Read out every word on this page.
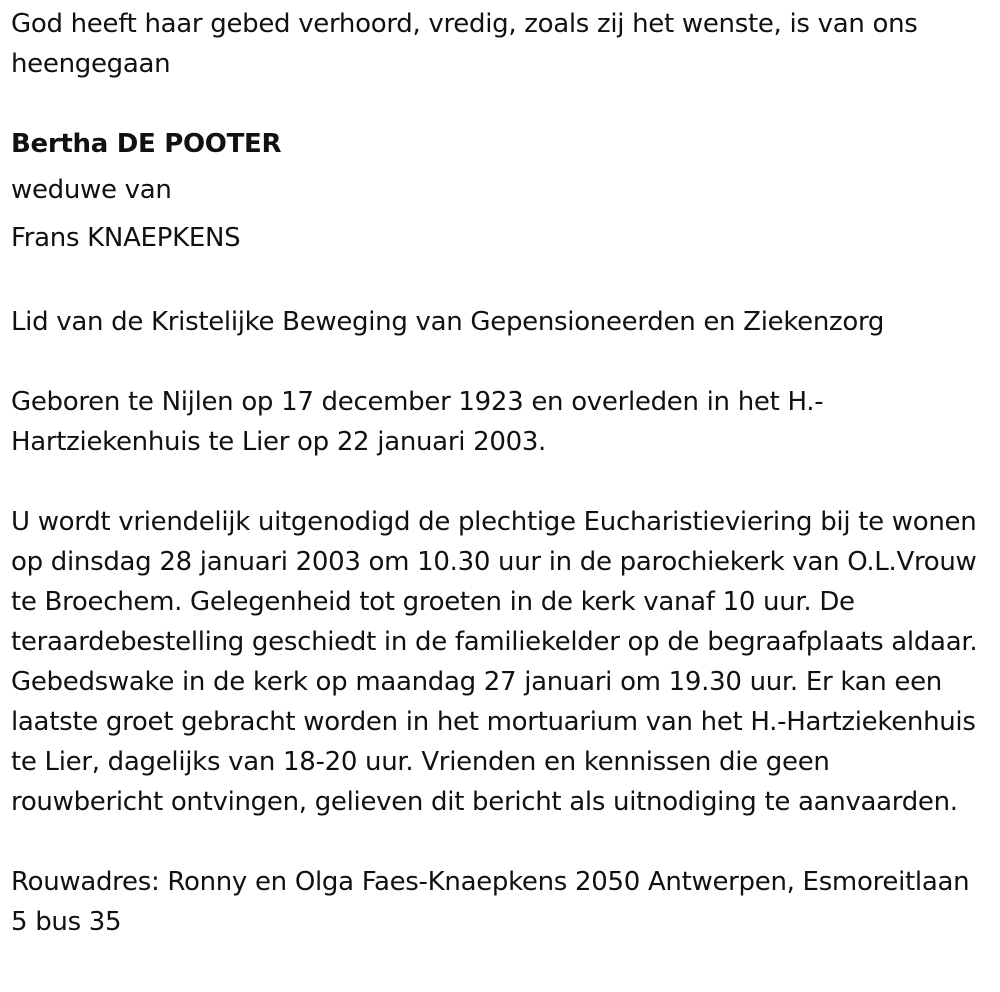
God heeft haar gebed verhoord, vredig, zoals zij het wenste, is van ons heengegaan

Bertha DE POOTER

weduwe van

Frans KNAEPKENS

Lid van de Kristelijke Beweging van Gepensioneerden en Ziekenzorg

Geboren te Nijlen op 17 december 1923 en overleden in het H.-Hartziekenhuis te Lier op 22 januari 2003.

U wordt vriendelijk uitgenodigd de plechtige Eucharistieviering bij te wonen op dinsdag 28 januari 2003 om 10.30 uur in de parochiekerk van O.L.Vrouw te Broechem. Gelegenheid tot groeten in de kerk vanaf 10 uur. De teraardebestelling geschiedt in de familiekelder op de begraafplaats aldaar. Gebedswake in de kerk op maandag 27 januari om 19.30 uur. Er kan een laatste groet gebracht worden in het mortuarium van het H.-Hartziekenhuis te Lier, dagelijks van 18-20 uur. Vrienden en kennissen die geen rouwbericht ontvingen, gelieven dit bericht als uitnodiging te aanvaarden.

Rouwadres: Ronny en Olga Faes-Knaepkens 2050 Antwerpen, Esmoreitlaan 5 bus 35
